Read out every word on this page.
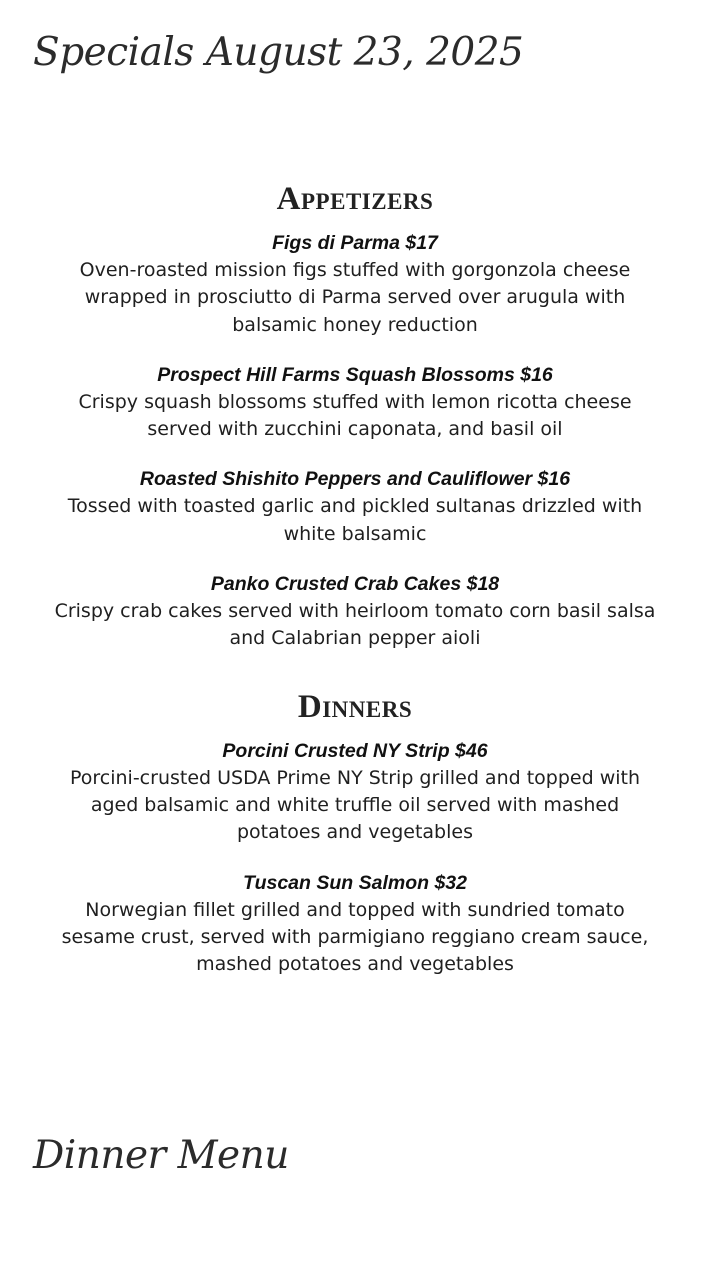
Specials August 23, 2025
Appetizers
Figs di Parma $17
Oven-roasted mission figs stuffed with gorgonzola cheese
wrapped in prosciutto di Parma served over arugula with
balsamic honey reduction
Prospect Hill Farms Squash Blossoms $16
Crispy squash blossoms stuffed with lemon ricotta cheese
served with zucchini caponata, and basil oil
Roasted Shishito Peppers and Cauliflower $16
Tossed with toasted garlic and pickled sultanas drizzled with
white balsamic
Panko Crusted Crab Cakes $18
Crispy crab cakes served with heirloom tomato corn basil salsa
and Calabrian pepper aioli
Dinners
Porcini Crusted NY Strip $46
Porcini-crusted USDA Prime NY Strip grilled and topped with
aged balsamic and white truffle oil served with mashed
potatoes and vegetables
Tuscan Sun Salmon $32
Norwegian fillet grilled and topped with sundried tomato
sesame crust, served with parmigiano reggiano cream sauce,
mashed potatoes and vegetables
Dinner Menu
